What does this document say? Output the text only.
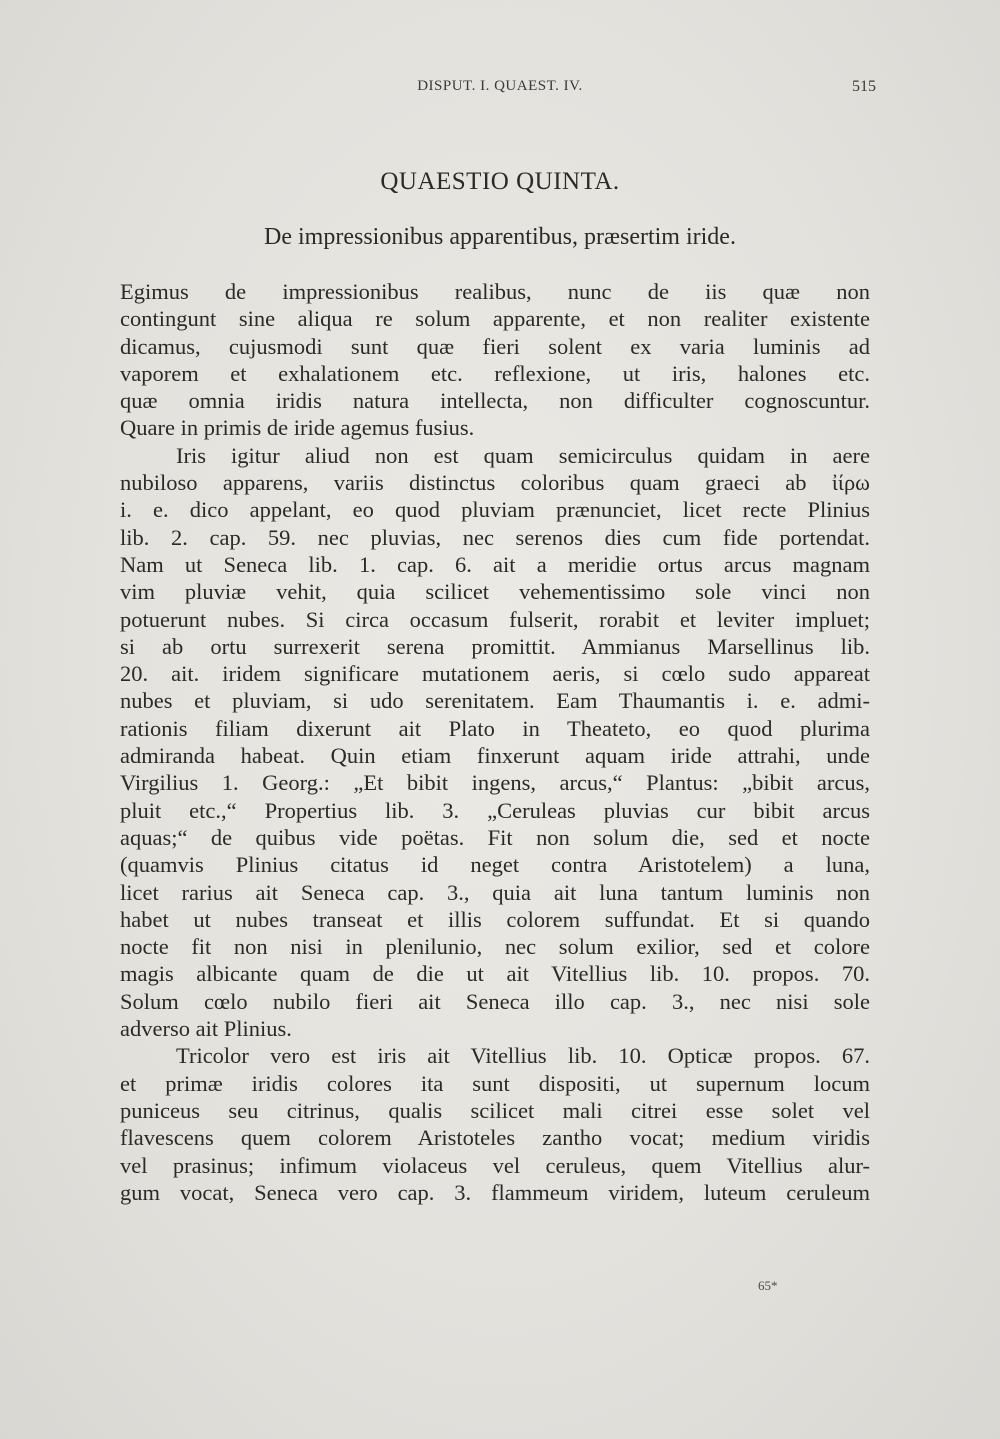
DISPUT. I. QUAEST. IV.	515
QUAESTIO QUINTA.
De impressionibus apparentibus, præsertim iride.
Egimus de impressionibus realibus, nunc de iis quæ non
contingunt sine aliqua re solum apparente, et non realiter existente
dicamus, cujusmodi sunt quæ fieri solent ex varia luminis ad
vaporem et exhalationem etc. reflexione, ut iris, halones etc.
quæ omnia iridis natura intellecta, non difficulter cognoscuntur.
Quare in primis de iride agemus fusius.
Iris igitur aliud non est quam semicirculus quidam in aere
nubiloso apparens, variis distinctus coloribus quam graeci ab ἰίρω
i. e. dico appelant, eo quod pluviam prænunciet, licet recte Plinius
lib. 2. cap. 59. nec pluvias, nec serenos dies cum fide portendat.
Nam ut Seneca lib. 1. cap. 6. ait a meridie ortus arcus magnam
vim pluviæ vehit, quia scilicet vehementissimo sole vinci non
potuerunt nubes. Si circa occasum fulserit, rorabit et leviter impluet;
si ab ortu surrexerit serena promittit. Ammianus Marsellinus lib.
20. ait. iridem significare mutationem aeris, si cœlo sudo appareat
nubes et pluviam, si udo serenitatem. Eam Thaumantis i. e. admi-
rationis filiam dixerunt ait Plato in Theateto, eo quod plurima
admiranda habeat. Quin etiam finxerunt aquam iride attrahi, unde
Virgilius 1. Georg.: „Et bibit ingens, arcus,“ Plantus: „bibit arcus,
pluit etc.,“ Propertius lib. 3. „Ceruleas pluvias cur bibit arcus
aquas;“ de quibus vide poëtas. Fit non solum die, sed et nocte
(quamvis Plinius citatus id neget contra Aristotelem) a luna,
licet rarius ait Seneca cap. 3., quia ait luna tantum luminis non
habet ut nubes transeat et illis colorem suffundat. Et si quando
nocte fit non nisi in plenilunio, nec solum exilior, sed et colore
magis albicante quam de die ut ait Vitellius lib. 10. propos. 70.
Solum cœlo nubilo fieri ait Seneca illo cap. 3., nec nisi sole
adverso ait Plinius.
Tricolor vero est iris ait Vitellius lib. 10. Opticæ propos. 67.
et primæ iridis colores ita sunt dispositi, ut supernum locum
puniceus seu citrinus, qualis scilicet mali citrei esse solet vel
flavescens quem colorem Aristoteles zantho vocat; medium viridis
vel prasinus; infimum violaceus vel ceruleus, quem Vitellius alur-
gum vocat, Seneca vero cap. 3. flammeum viridem, luteum ceruleum
65*
